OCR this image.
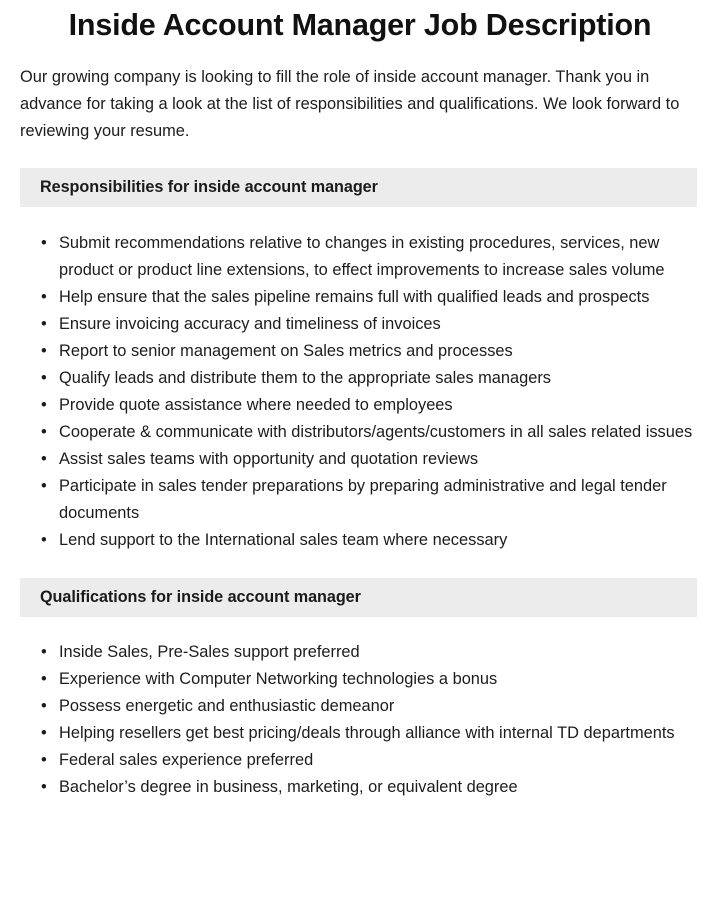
Inside Account Manager Job Description

Our growing company is looking to fill the role of inside account manager. Thank you in advance for taking a look at the list of responsibilities and qualifications. We look forward to reviewing your resume.

Responsibilities for inside account manager
• Submit recommendations relative to changes in existing procedures, services, new product or product line extensions, to effect improvements to increase sales volume
• Help ensure that the sales pipeline remains full with qualified leads and prospects
• Ensure invoicing accuracy and timeliness of invoices
• Report to senior management on Sales metrics and processes
• Qualify leads and distribute them to the appropriate sales managers
• Provide quote assistance where needed to employees
• Cooperate & communicate with distributors/agents/customers in all sales related issues
• Assist sales teams with opportunity and quotation reviews
• Participate in sales tender preparations by preparing administrative and legal tender documents
• Lend support to the International sales team where necessary
Qualifications for inside account manager
• Inside Sales, Pre-Sales support preferred
• Experience with Computer Networking technologies a bonus
• Possess energetic and enthusiastic demeanor
• Helping resellers get best pricing/deals through alliance with internal TD departments
• Federal sales experience preferred
• Bachelor’s degree in business, marketing, or equivalent degree
